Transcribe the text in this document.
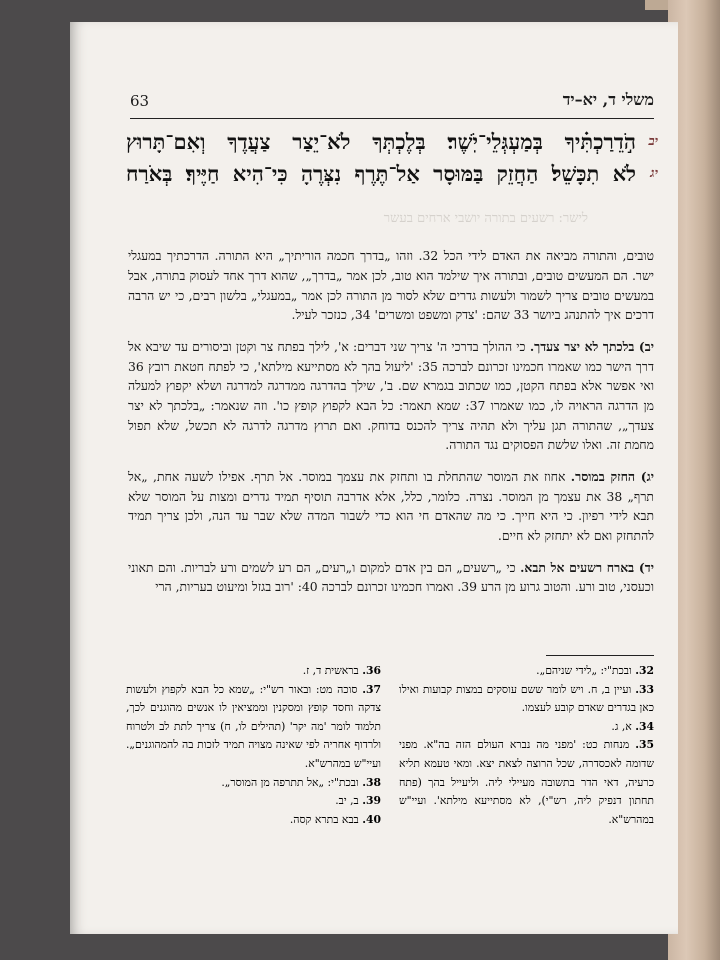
63	משלי ד, יא–יד
יב
הֹ֣דֵרַכְתִּ֗יךָ בְּמַעְגְּלֵי־יֹֽשֶׁר׃ בְּלֶכְתְּךָ לֹא־יֵצַר צַעֲדֶךָ וְאִם־תָּרוּץ
יג
לֹא תִכָּשֵׁל׃ הַחֲזֵק בַּמּוּסָר אַל־תֶּרֶף נִצְּרֶהָ כִּי־הִיא חַיֶּיךָ׃ בְּאֹרַח
לישר: רשעים בתורה יושבי ארחים בעשר

טובים, והתורה מביאה את האדם לידי הכל 32. וזהו „בדרך חכמה הוריתיך„ היא התורה. הדרכתיך במעגלי ישר. הם המעשים טובים, ובתורה איך שילמד הוא טוב, לכן אמר „בדרך„, שהוא דרך אחד לעסוק בתורה, אבל במעשים טובים צריך לשמור ולעשות גדרים שלא לסור מן התורה לכן אמר „במעגלי„ בלשון רבים, כי יש הרבה דרכים איך להתנהג ביושר 33 שהם: 'צדק ומשפט ומשרים' 34, כנזכר לעיל.

יב) בלכתך לא יצר צעדך. כי ההולך בדרכי ה' צריך שני דברים: א', לילך בפתח צר וקטן וביסורים עד שיבא אל דרך הישר כמו שאמרו חכמינו זכרונם לברכה 35: 'ליעול בהך לא מסתייעא מילתא', כי לפתח חטאת רובץ 36 ואי אפשר אלא בפתח הקטן, כמו שכתוב בגמרא שם. ב', שילך בהדרגה ממדרגה למדרגה ושלא יקפוץ למעלה מן הדרגה הראויה לו, כמו שאמרו 37: שמא תאמר: כל הבא לקפוץ קופץ כו'. וזה שנאמר: „בלכתך לא יצר צעדך„, שהתורה תגן עליך ולא תהיה צריך להכנס בדוחק. ואם תרוץ מדרגה לדרגה לא תכשל, שלא תפול מחמת זה. ואלו שלשת הפסוקים נגד התורה.

יג) החזק במוסר. אחוז את המוסר שהתחלת בו ותחזק את עצמך במוסר. אל תרף. אפילו לשעה אחת, „אל תרף„ 38 את עצמך מן המוסר. נצרה. כלומר, כלל, אלא אדרבה תוסיף תמיד גדרים ומצות על המוסר שלא תבא לידי רפיון. כי היא חייך. כי מה שהאדם חי הוא כדי לשבור המדה שלא שבר עד הנה, ולכן צריך תמיד להתחזק ואם לא יתחזק לא חיים.

יד) בארח רשעים אל תבא. כי „רשעים„ הם בין אדם למקום ו„רעים„ הם רע לשמים ורע לבריות. והם תאוני וכעסני, טוב ורע. והטוב גרוע מן הרע 39. ואמרו חכמינו זכרונם לברכה 40: 'רוב בגזל ומיעוט בעריות, הרי

32. ובכת"י: „לידי שניהם„.
33. ועיין ב, ח. ויש לומר ששם עוסקים במצות קבועות ואילו כאן בגדרים שאדם קובע לעצמו.
34. א, ג.
35. מנחות כט: 'מפני מה נברא העולם הזה בה"א. מפני שדומה לאכסדרה, שכל הרוצה לצאת יצא. ומאי טעמא תליא כרעיה, דאי הדר בתשובה מעיילי ליה. וליעייל בהך (פתח תחתון דנפיק ליה, רש"י), לא מסתייעא מילתא'. ועיי"ש במהרש"א.
36. בראשית ד, ז.
37. סוכה מט: ובאור רש"י: „שמא כל הבא לקפוץ ולעשות צדקה וחסד קופץ ומסקנין וממציאין לו אנשים מהוגנים לכך, תלמוד לומר 'מה יקר' (תהילים לו, ח) צריך לתת לב ולטרוח ולרדוף אחריה לפי שאינה מצויה תמיד לזכות בה להמהוגנים„. ועיי"ש במהרש"א.
38. ובכת"י: „אל תתרפה מן המוסר„.
39. ב, יב.
40. בבא בתרא קסה.
